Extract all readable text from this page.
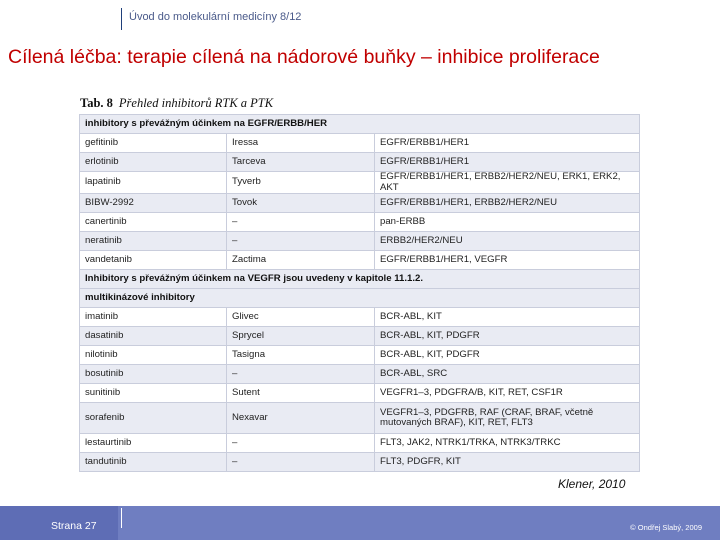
Úvod do molekulární medicíny 8/12
Cílená léčba: terapie cílená na nádorové buňky – inhibice proliferace
Tab. 8 Přehled inhibitorů RTK a PTK
inhibitory s převážným účinkem na EGFR/ERBB/HER		
gefitinib	Iressa	EGFR/ERBB1/HER1
erlotinib	Tarceva	EGFR/ERBB1/HER1
lapatinib	Tyverb	EGFR/ERBB1/HER1, ERBB2/HER2/NEU, ERK1, ERK2, AKT
BIBW-2992	Tovok	EGFR/ERBB1/HER1, ERBB2/HER2/NEU
canertinib	–	pan-ERBB
neratinib	–	ERBB2/HER2/NEU
vandetanib	Zactima	EGFR/ERBB1/HER1, VEGFR
Inhibitory s převážným účinkem na VEGFR jsou uvedeny v kapitole 11.1.2.		
multikinázové inhibitory		
imatinib	Glivec	BCR-ABL, KIT
dasatinib	Sprycel	BCR-ABL, KIT, PDGFR
nilotinib	Tasigna	BCR-ABL, KIT, PDGFR
bosutinib	–	BCR-ABL, SRC
sunitinib	Sutent	VEGFR1–3, PDGFRA/B, KIT, RET, CSF1R
sorafenib	Nexavar	VEGFR1–3, PDGFRB, RAF (CRAF, BRAF, včetně mutovaných BRAF), KIT, RET, FLT3
lestaurtinib	–	FLT3, JAK2, NTRK1/TRKA, NTRK3/TRKC
tandutinib	–	FLT3, PDGFR, KIT
Klener, 2010
Strana 27	© Ondřej Slabý, 2009
